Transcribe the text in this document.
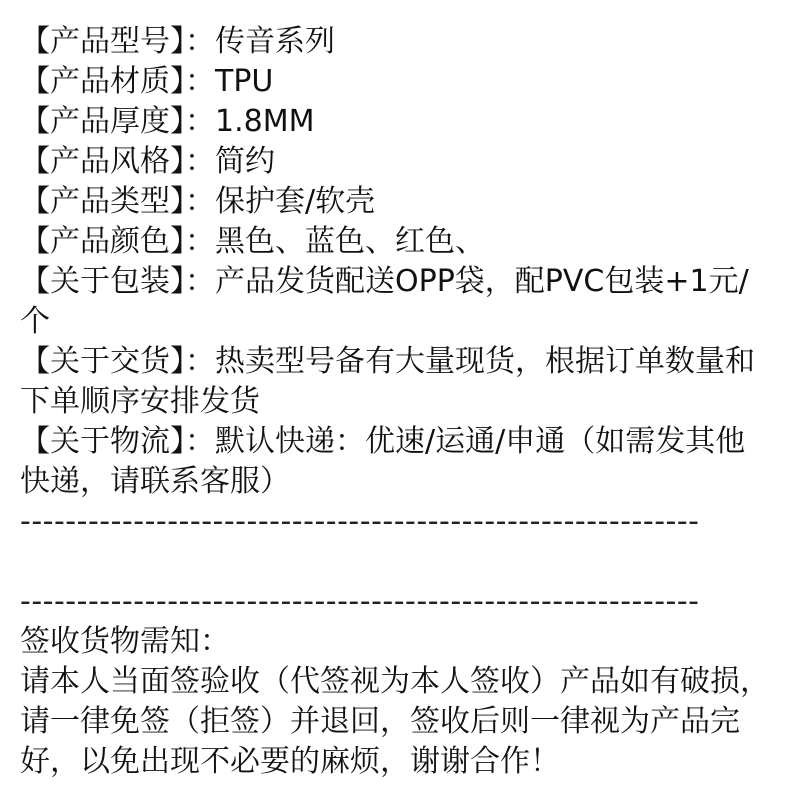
【产品型号】：传音系列
【产品材质】：TPU
【产品厚度】：1.8MM
【产品风格】：简约
【产品类型】：保护套/软壳
【产品颜色】：黑色、蓝色、红色、
【关于包装】：产品发货配送OPP袋，配PVC包装+1元/个
【关于交货】：热卖型号备有大量现货，根据订单数量和下单顺序安排发货
【关于物流】：默认快递：优速/运通/申通（如需发其他快递，请联系客服）
------------------------------------------------------------
------------------------------------------------------------
签收货物需知：
请本人当面签验收（代签视为本人签收）产品如有破损，请一律免签（拒签）并退回，签收后则一律视为产品完好，以免出现不必要的麻烦，谢谢合作！
